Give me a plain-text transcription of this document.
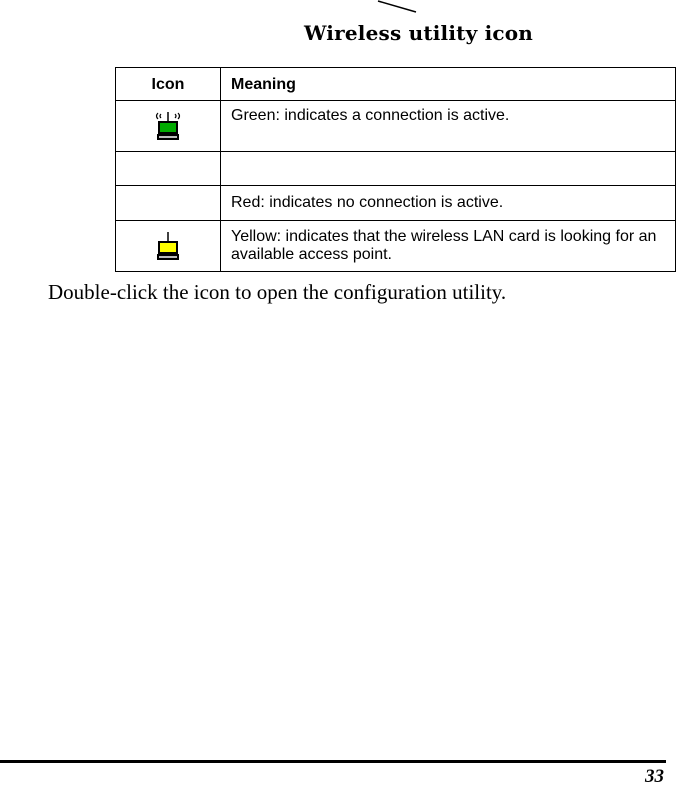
Wireless utility icon
Icon	Meaning
	Green: indicates a connection is active.

	Red: indicates no connection is active.
	Yellow: indicates that the wireless LAN card is looking for an available access point.
Double-click the icon to open the configuration utility.
33
